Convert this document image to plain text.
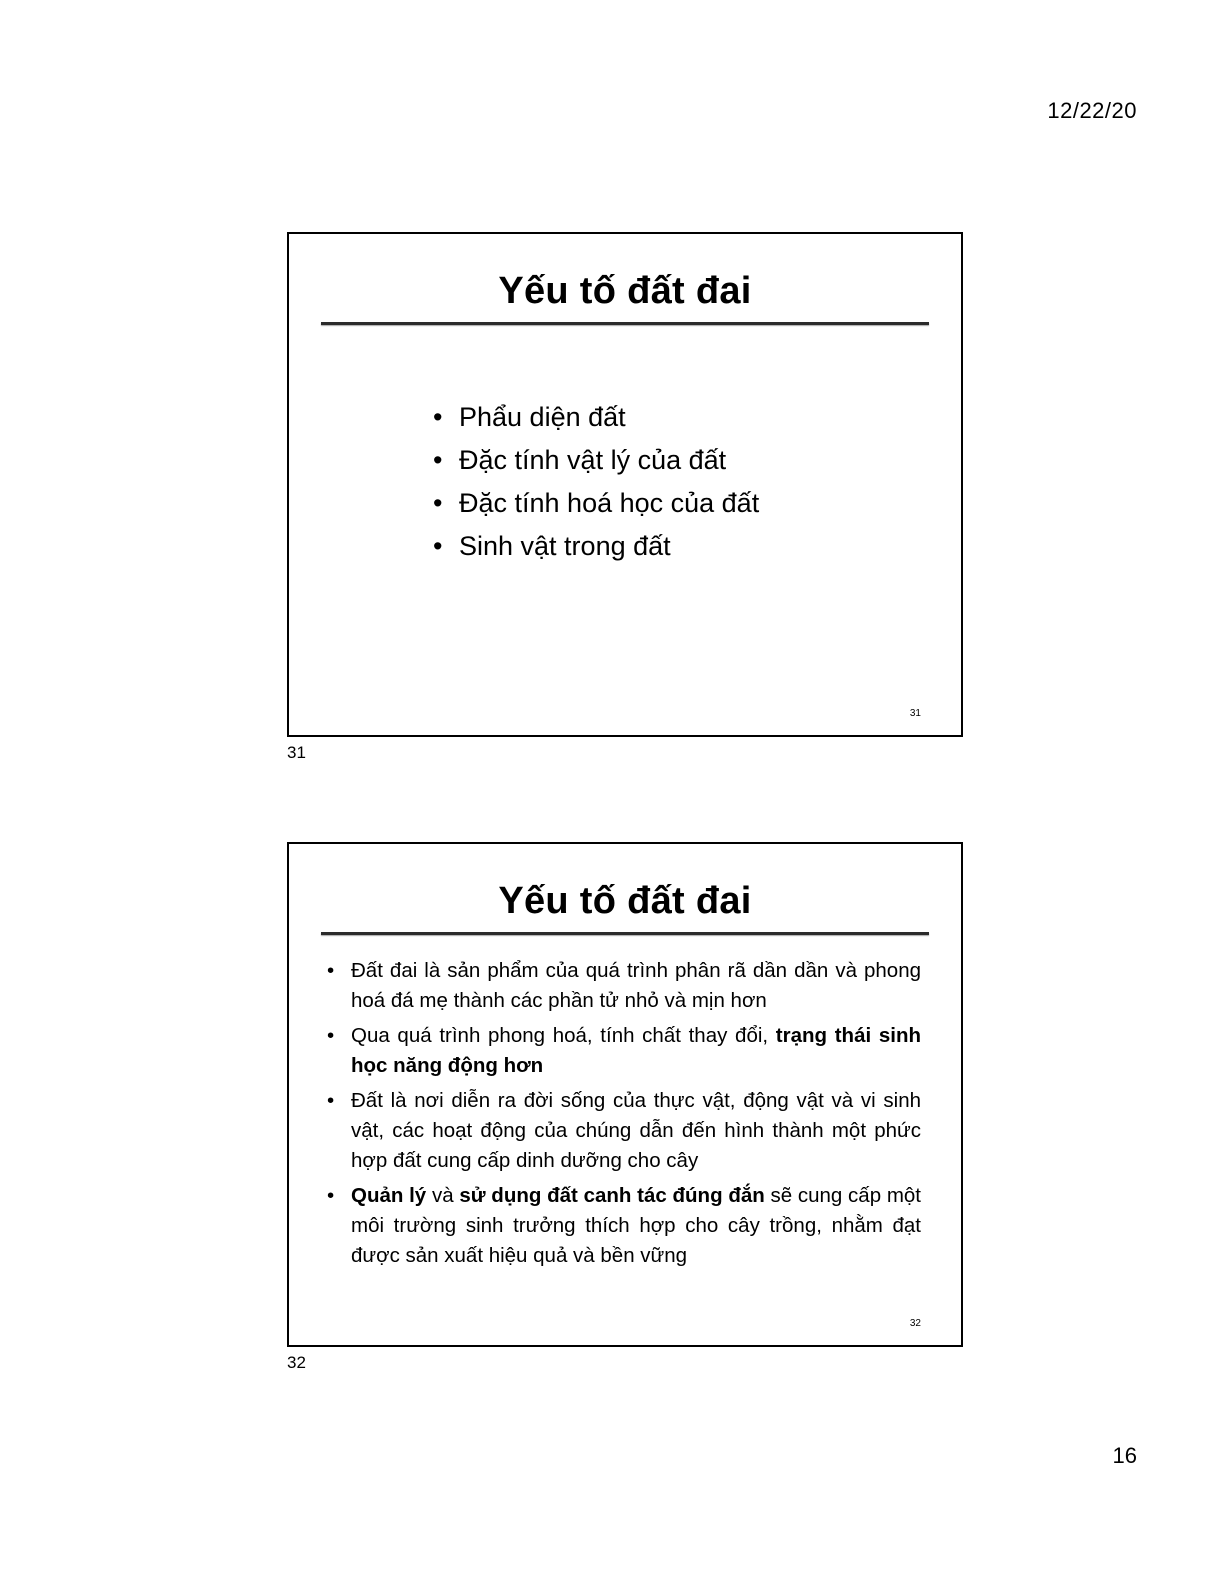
12/22/20
Yếu tố đất đai
• Phẩu diện đất
• Đặc tính vật lý của đất
• Đặc tính hoá học của đất
• Sinh vật trong đất
31
31
Yếu tố đất đai
• Đất đai là sản phẩm của quá trình phân rã dần dần và phong hoá đá mẹ thành các phần tử nhỏ và mịn hơn
• Qua quá trình phong hoá, tính chất thay đổi, trạng thái sinh học năng động hơn
• Đất là nơi diễn ra đời sống của thực vật, động vật và vi sinh vật, các hoạt động của chúng dẫn đến hình thành một phức hợp đất cung cấp dinh dưỡng cho cây
• Quản lý và sử dụng đất canh tác đúng đắn sẽ cung cấp một môi trường sinh trưởng thích hợp cho cây trồng, nhằm đạt được sản xuất hiệu quả và bền vững
32
32
16
